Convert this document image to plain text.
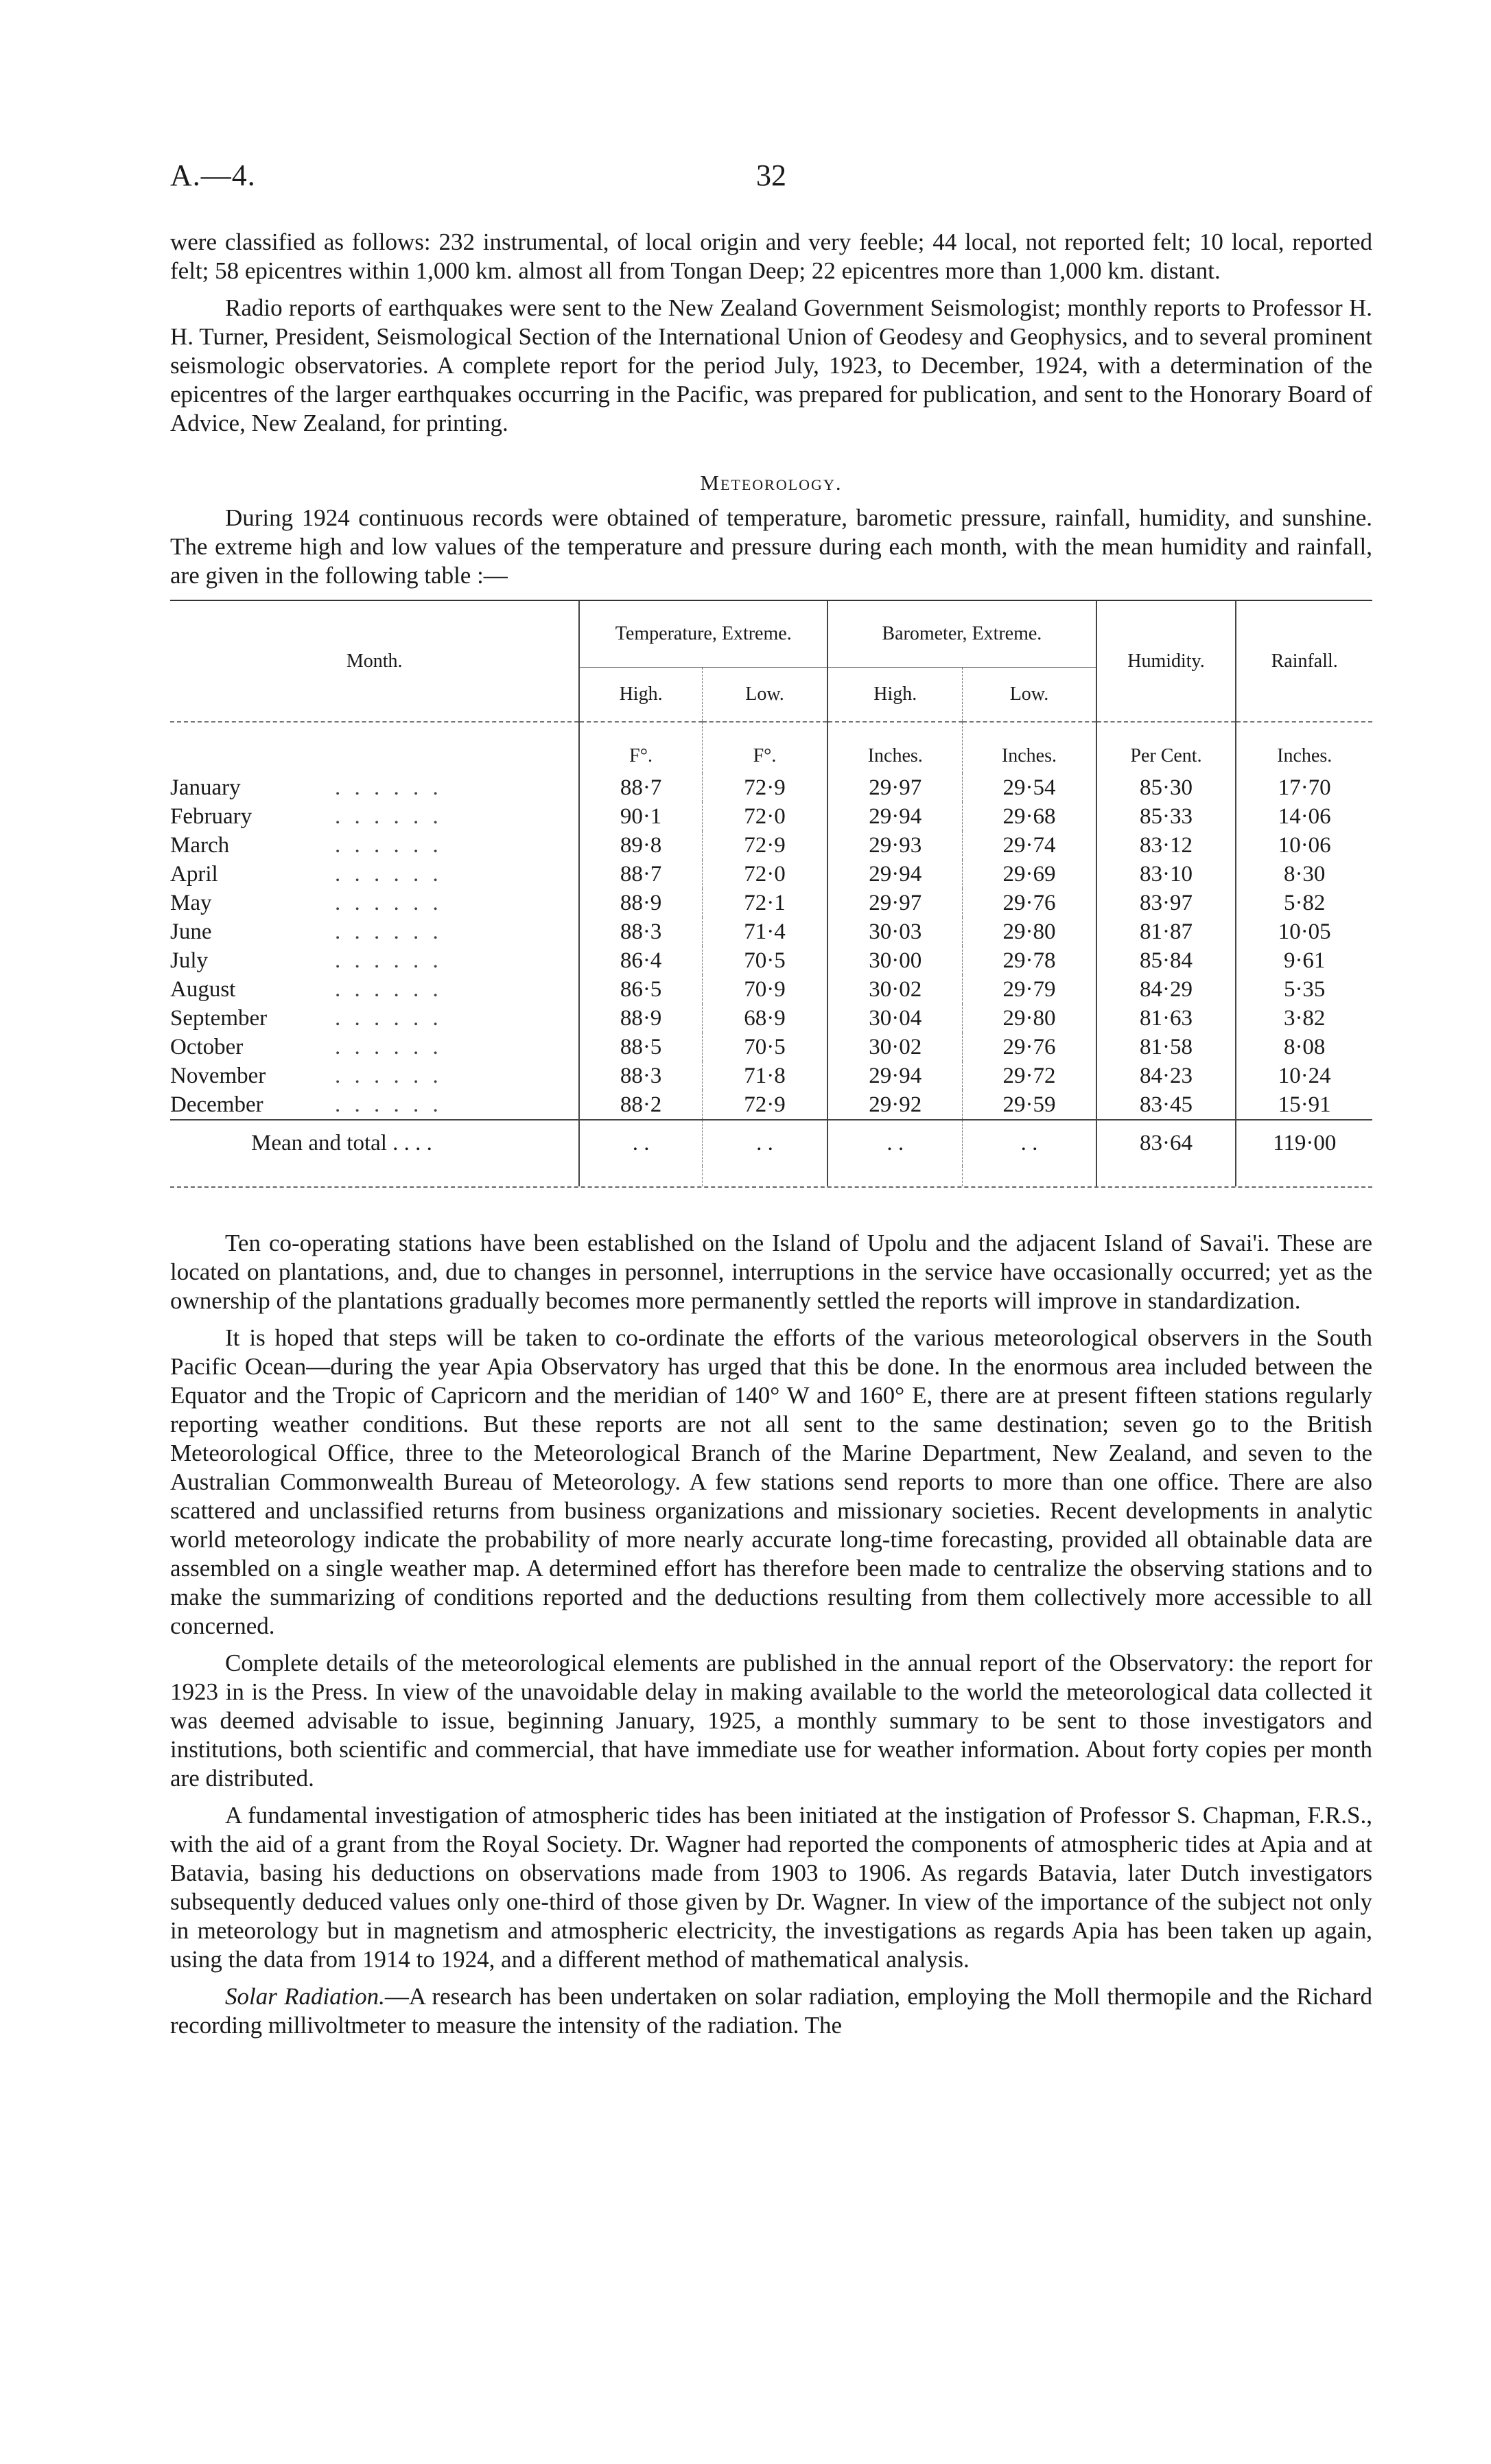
A.—4.	32

were classified as follows: 232 instrumental, of local origin and very feeble; 44 local, not reported felt; 10 local, reported felt; 58 epicentres within 1,000 km. almost all from Tongan Deep; 22 epicentres more than 1,000 km. distant.

Radio reports of earthquakes were sent to the New Zealand Government Seismologist; monthly reports to Professor H. H. Turner, President, Seismological Section of the International Union of Geodesy and Geophysics, and to several prominent seismologic observatories. A complete report for the period July, 1923, to December, 1924, with a determination of the epicentres of the larger earthquakes occurring in the Pacific, was prepared for publication, and sent to the Honorary Board of Advice, New Zealand, for printing.

Meteorology.

During 1924 continuous records were obtained of temperature, barometic pressure, rainfall, humidity, and sunshine. The extreme high and low values of the temperature and pressure during each month, with the mean humidity and rainfall, are given in the following table :—

Month.	Temperature, Extreme.		Barometer, Extreme.		Humidity.	Rainfall.
	High.	Low.	High.	Low.		
	F°.	F°.	Inches.	Inches.	Per Cent.	Inches.
January . . . . . .	88·7	72·9	29·97	29·54	85·30	17·70
February . . . . . .	90·1	72·0	29·94	29·68	85·33	14·06
March . . . . . .	89·8	72·9	29·93	29·74	83·12	10·06
April . . . . . .	88·7	72·0	29·94	29·69	83·10	8·30
May . . . . . .	88·9	72·1	29·97	29·76	83·97	5·82
June . . . . . .	88·3	71·4	30·03	29·80	81·87	10·05
July . . . . . .	86·4	70·5	30·00	29·78	85·84	9·61
August . . . . . .	86·5	70·9	30·02	29·79	84·29	5·35
September . . . . . .	88·9	68·9	30·04	29·80	81·63	3·82
October . . . . . .	88·5	70·5	30·02	29·76	81·58	8·08
November . . . . . .	88·3	71·8	29·94	29·72	84·23	10·24
December . . . . . .	88·2	72·9	29·92	29·59	83·45	15·91
Mean and total . . . .	. .	. .	. .	. .	83·64	119·00

Ten co-operating stations have been established on the Island of Upolu and the adjacent Island of Savai'i. These are located on plantations, and, due to changes in personnel, interruptions in the service have occasionally occurred; yet as the ownership of the plantations gradually becomes more permanently settled the reports will improve in standardization.

It is hoped that steps will be taken to co-ordinate the efforts of the various meteorological observers in the South Pacific Ocean—during the year Apia Observatory has urged that this be done. In the enormous area included between the Equator and the Tropic of Capricorn and the meridian of 140° W and 160° E, there are at present fifteen stations regularly reporting weather conditions. But these reports are not all sent to the same destination; seven go to the British Meteorological Office, three to the Meteorological Branch of the Marine Department, New Zealand, and seven to the Australian Commonwealth Bureau of Meteorology. A few stations send reports to more than one office. There are also scattered and unclassified returns from business organizations and missionary societies. Recent developments in analytic world meteorology indicate the probability of more nearly accurate long-time forecasting, provided all obtainable data are assembled on a single weather map. A determined effort has therefore been made to centralize the observing stations and to make the summarizing of conditions reported and the deductions resulting from them collectively more accessible to all concerned.

Complete details of the meteorological elements are published in the annual report of the Observatory: the report for 1923 in is the Press. In view of the unavoidable delay in making available to the world the meteorological data collected it was deemed advisable to issue, beginning January, 1925, a monthly summary to be sent to those investigators and institutions, both scientific and commercial, that have immediate use for weather information. About forty copies per month are distributed.

A fundamental investigation of atmospheric tides has been initiated at the instigation of Professor S. Chapman, F.R.S., with the aid of a grant from the Royal Society. Dr. Wagner had reported the components of atmospheric tides at Apia and at Batavia, basing his deductions on observations made from 1903 to 1906. As regards Batavia, later Dutch investigators subsequently deduced values only one-third of those given by Dr. Wagner. In view of the importance of the subject not only in meteorology but in magnetism and atmospheric electricity, the investigations as regards Apia has been taken up again, using the data from 1914 to 1924, and a different method of mathematical analysis.

Solar Radiation.—A research has been undertaken on solar radiation, employing the Moll thermopile and the Richard recording millivoltmeter to measure the intensity of the radiation. The
